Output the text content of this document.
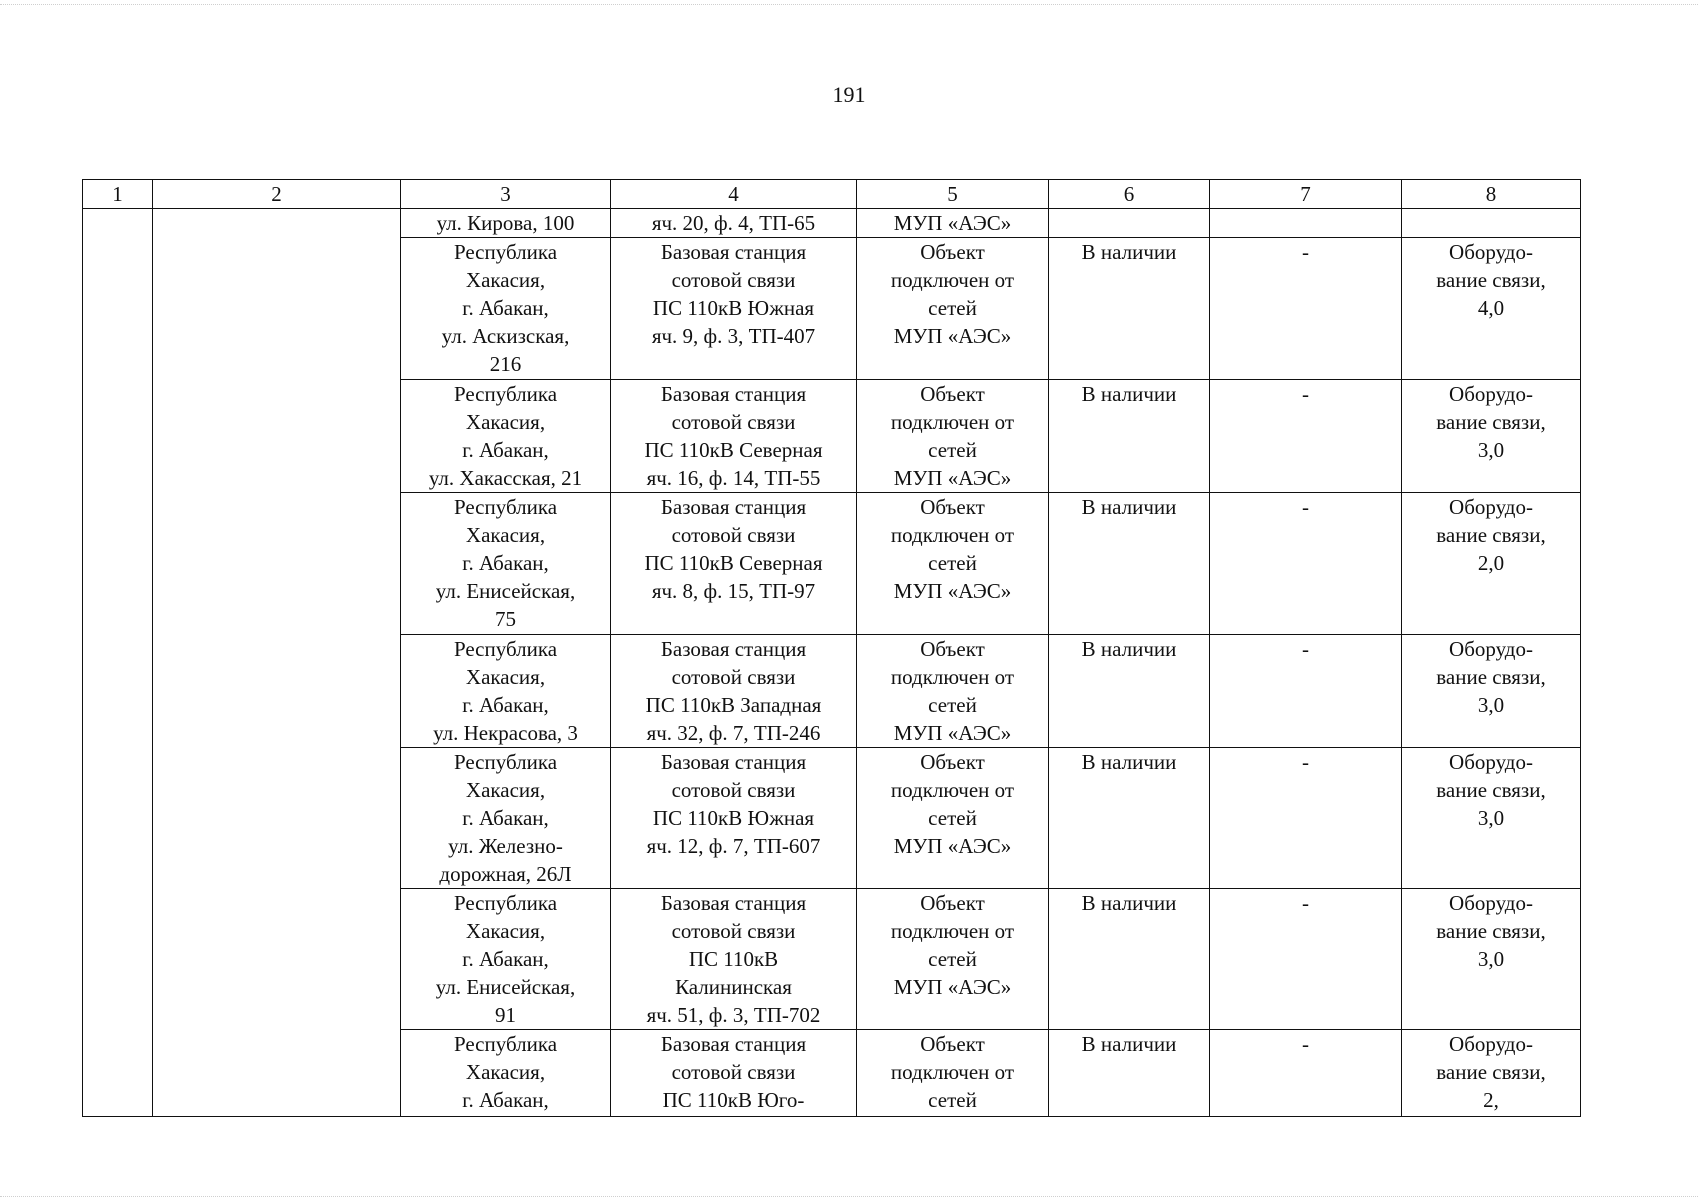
191
1	2	3	4	5	6	7	8
		ул. Кирова, 100	яч. 20, ф. 4, ТП-65	МУП «АЭС»			
		Республика
Хакасия,
г. Абакан,
ул. Аскизская,
216	Базовая станция
сотовой связи
ПС 110кВ Южная
яч. 9, ф. 3, ТП-407	Объект
подключен от
сетей
МУП «АЭС»	В наличии	-	Оборудо-
вание связи,
4,0
		Республика
Хакасия,
г. Абакан,
ул. Хакасская, 21	Базовая станция
сотовой связи
ПС 110кВ Северная
яч. 16, ф. 14, ТП-55	Объект
подключен от
сетей
МУП «АЭС»	В наличии	-	Оборудо-
вание связи,
3,0
		Республика
Хакасия,
г. Абакан,
ул. Енисейская,
75	Базовая станция
сотовой связи
ПС 110кВ Северная
яч. 8, ф. 15, ТП-97	Объект
подключен от
сетей
МУП «АЭС»	В наличии	-	Оборудо-
вание связи,
2,0
		Республика
Хакасия,
г. Абакан,
ул. Некрасова, 3	Базовая станция
сотовой связи
ПС 110кВ Западная
яч. 32, ф. 7, ТП-246	Объект
подключен от
сетей
МУП «АЭС»	В наличии	-	Оборудо-
вание связи,
3,0
		Республика
Хакасия,
г. Абакан,
ул. Железно-
дорожная, 26Л	Базовая станция
сотовой связи
ПС 110кВ Южная
яч. 12, ф. 7, ТП-607	Объект
подключен от
сетей
МУП «АЭС»	В наличии	-	Оборудо-
вание связи,
3,0
		Республика
Хакасия,
г. Абакан,
ул. Енисейская,
91	Базовая станция
сотовой связи
ПС 110кВ
Калининская
яч. 51, ф. 3, ТП-702	Объект
подключен от
сетей
МУП «АЭС»	В наличии	-	Оборудо-
вание связи,
3,0
		Республика
Хакасия,
г. Абакан,	Базовая станция
сотовой связи
ПС 110кВ Юго-	Объект
подключен от
сетей	В наличии	-	Оборудо-
вание связи,
2,
